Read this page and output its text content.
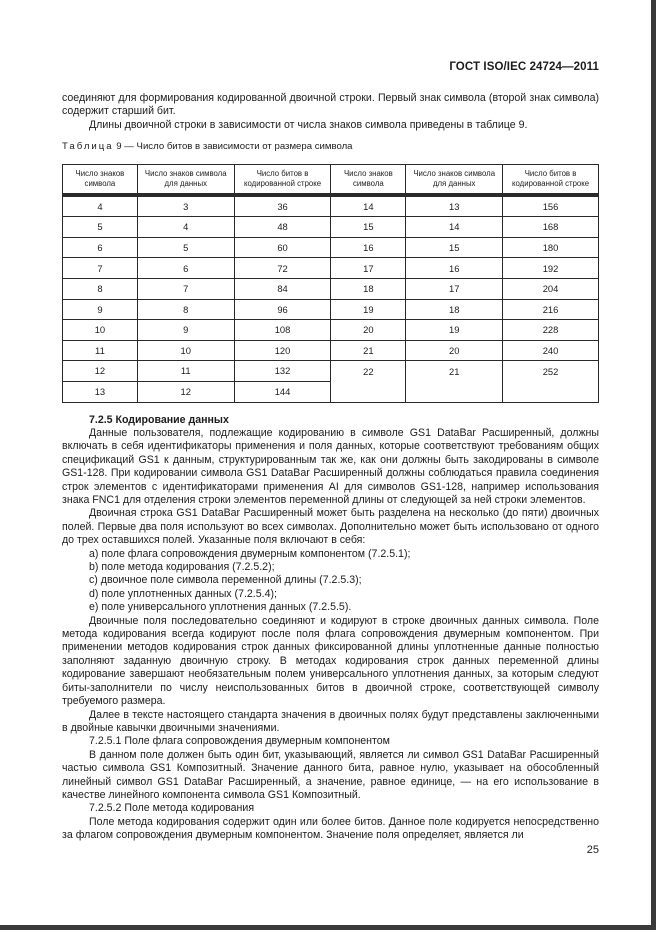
ГОСТ ISO/IEC 24724—2011

соединяют для формирования кодированной двоичной строки. Первый знак символа (второй знак символа) содержит старший бит.

Длины двоичной строки в зависимости от числа знаков символа приведены в таблице 9.

Таблица 9 — Число битов в зависимости от размера символа

Число знаков символа	Число знаков символа для данных	Число битов в кодированной строке	Число знаков символа	Число знаков символа для данных	Число битов в кодированной строке

4	3	36	14	13	156
5	4	48	15	14	168
6	5	60	16	15	180
7	6	72	17	16	192
8	7	84	18	17	204
9	8	96	19	18	216
10	9	108	20	19	228
11	10	120	21	20	240
12	11	132	22	21	252
13	12	144			

7.2.5 Кодирование данных

Данные пользователя, подлежащие кодированию в символе GS1 DataBar Расширенный, должны включать в себя идентификаторы применения и поля данных, которые соответствуют требованиям общих спецификаций GS1 к данным, структурированным так же, как они должны быть закодированы в символе GS1-128. При кодировании символа GS1 DataBar Расширенный должны соблюдаться правила соединения строк элементов с идентификаторами применения AI для символов GS1-128, например использования знака FNC1 для отделения строки элементов переменной длины от следующей за ней строки элементов.

Двоичная строка GS1 DataBar Расширенный может быть разделена на несколько (до пяти) двоичных полей. Первые два поля используют во всех символах. Дополнительно может быть использовано от одного до трех оставшихся полей. Указанные поля включают в себя:

a) поле флага сопровождения двумерным компонентом (7.2.5.1);

b) поле метода кодирования (7.2.5.2);

c) двоичное поле символа переменной длины (7.2.5.3);

d) поле уплотненных данных (7.2.5.4);

e) поле универсального уплотнения данных (7.2.5.5).

Двоичные поля последовательно соединяют и кодируют в строке двоичных данных символа. Поле метода кодирования всегда кодируют после поля флага сопровождения двумерным компонентом. При применении методов кодирования строк данных фиксированной длины уплотненные данные полностью заполняют заданную двоичную строку. В методах кодирования строк данных переменной длины кодирование завершают необязательным полем универсального уплотнения данных, за которым следуют биты-заполнители по числу неиспользованных битов в двоичной строке, соответствующей символу требуемого размера.

Далее в тексте настоящего стандарта значения в двоичных полях будут представлены заключенными в двойные кавычки двоичными значениями.

7.2.5.1 Поле флага сопровождения двумерным компонентом

В данном поле должен быть один бит, указывающий, является ли символ GS1 DataBar Расширенный частью символа GS1 Композитный. Значение данного бита, равное нулю, указывает на обособленный линейный символ GS1 DataBar Расширенный, а значение, равное единице, — на его использование в качестве линейного компонента символа GS1 Композитный.

7.2.5.2 Поле метода кодирования

Поле метода кодирования содержит один или более битов. Данное поле кодируется непосредственно за флагом сопровождения двумерным компонентом. Значение поля определяет, является ли

25
